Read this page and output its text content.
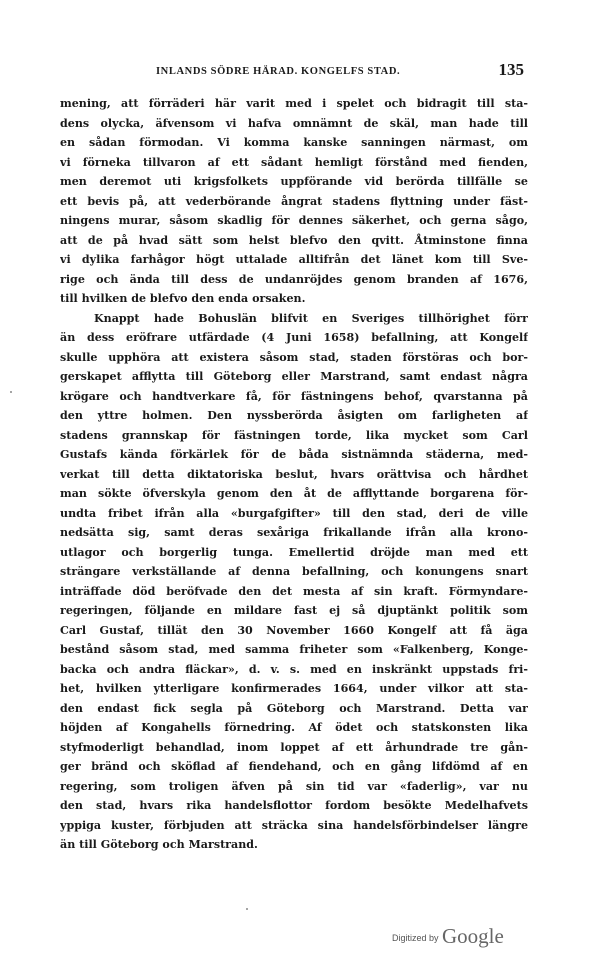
INLANDS SÖDRE HÄRAD. KONGELFS STAD.	135
mening, att förräderi här varit med i spelet och bidragit till sta-
dens olycka, äfvensom vi hafva omnämnt de skäl, man hade till
en sådan förmodan. Vi komma kanske sanningen närmast, om
vi förneka tillvaron af ett sådant hemligt förstånd med fienden,
men deremot uti krigsfolkets uppförande vid berörda tillfälle se
ett bevis på, att vederbörande ångrat stadens flyttning under fäst-
ningens murar, såsom skadlig för dennes säkerhet, och gerna sågo,
att de på hvad sätt som helst blefvo den qvitt. Åtminstone finna
vi dylika farhågor högt uttalade alltifrån det länet kom till Sve-
rige och ända till dess de undanröjdes genom branden af 1676,
till hvilken de blefvo den enda orsaken.
Knappt hade Bohuslän blifvit en Sveriges tillhörighet förr
än dess eröfrare utfärdade (4 Juni 1658) befallning, att Kongelf
skulle upphöra att existera såsom stad, staden förstöras och bor-
gerskapet afflytta till Göteborg eller Marstrand, samt endast några
krögare och handtverkare få, för fästningens behof, qvarstanna på
den yttre holmen. Den nyssberörda åsigten om farligheten af
stadens grannskap för fästningen torde, lika mycket som Carl
Gustafs kända förkärlek för de båda sistnämnda städerna, med-
verkat till detta diktatoriska beslut, hvars orättvisa och hårdhet
man sökte öfverskyla genom den åt de afflyttande borgarena för-
undta fribet ifrån alla «burgafgifter» till den stad, deri de ville
nedsätta sig, samt deras sexåriga frikallande ifrån alla krono-
utlagor och borgerlig tunga. Emellertid dröjde man med ett
strängare verkställande af denna befallning, och konungens snart
inträffade död beröfvade den det mesta af sin kraft. Förmyndare-
regeringen, följande en mildare fast ej så djuptänkt politik som
Carl Gustaf, tillät den 30 November 1660 Kongelf att få äga
bestånd såsom stad, med samma friheter som «Falkenberg, Konge-
backa och andra fläckar», d. v. s. med en inskränkt uppstads fri-
het, hvilken ytterligare konfirmerades 1664, under vilkor att sta-
den endast fick segla på Göteborg och Marstrand. Detta var
höjden af Kongahells förnedring. Af ödet och statskonsten lika
styfmoderligt behandlad, inom loppet af ett århundrade tre gån-
ger bränd och sköflad af fiendehand, och en gång lifdömd af en
regering, som troligen äfven på sin tid var «faderlig», var nu
den stad, hvars rika handelsflottor fordom besökte Medelhafvets
yppiga kuster, förbjuden att sträcka sina handelsförbindelser längre
än till Göteborg och Marstrand.
Digitized by Google
